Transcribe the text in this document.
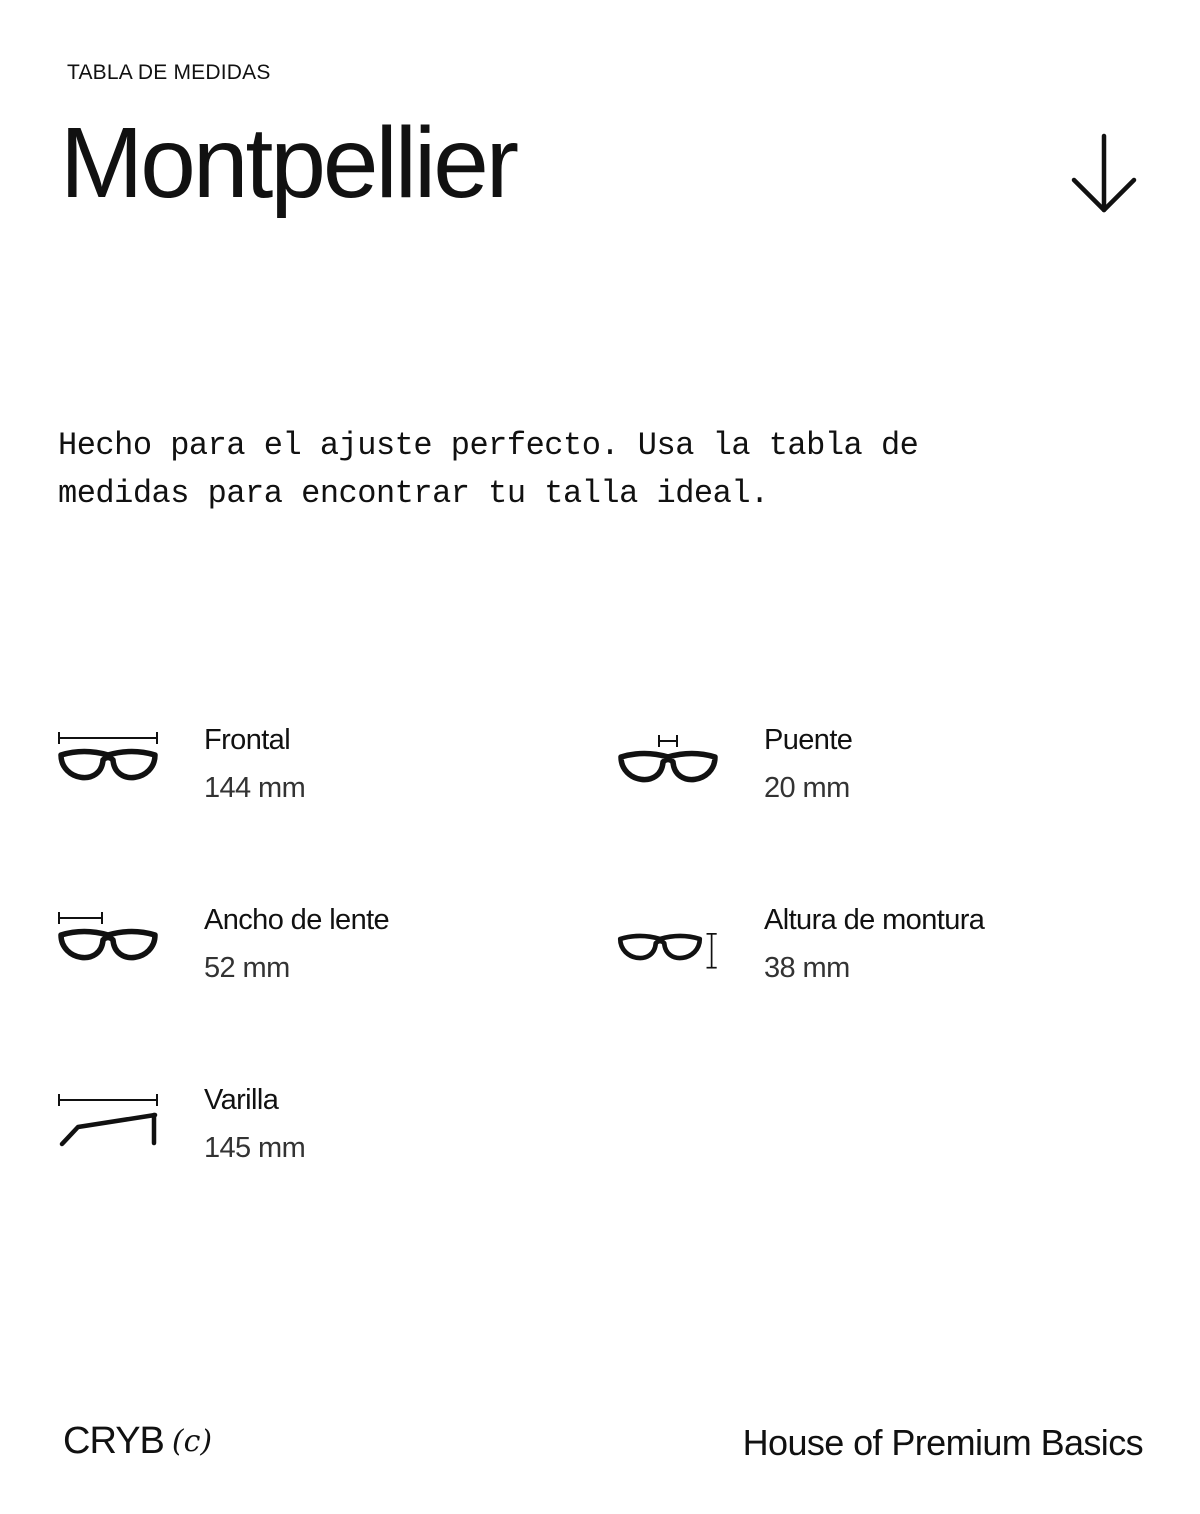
TABLA DE MEDIDAS
Montpellier

Hecho para el ajuste perfecto. Usa la tabla de medidas para encontrar tu talla ideal.

Frontal
144 mm
Puente
20 mm
Ancho de lente
52 mm
Altura de montura
38 mm
Varilla
145 mm
CRYB (c)	House of Premium Basics
